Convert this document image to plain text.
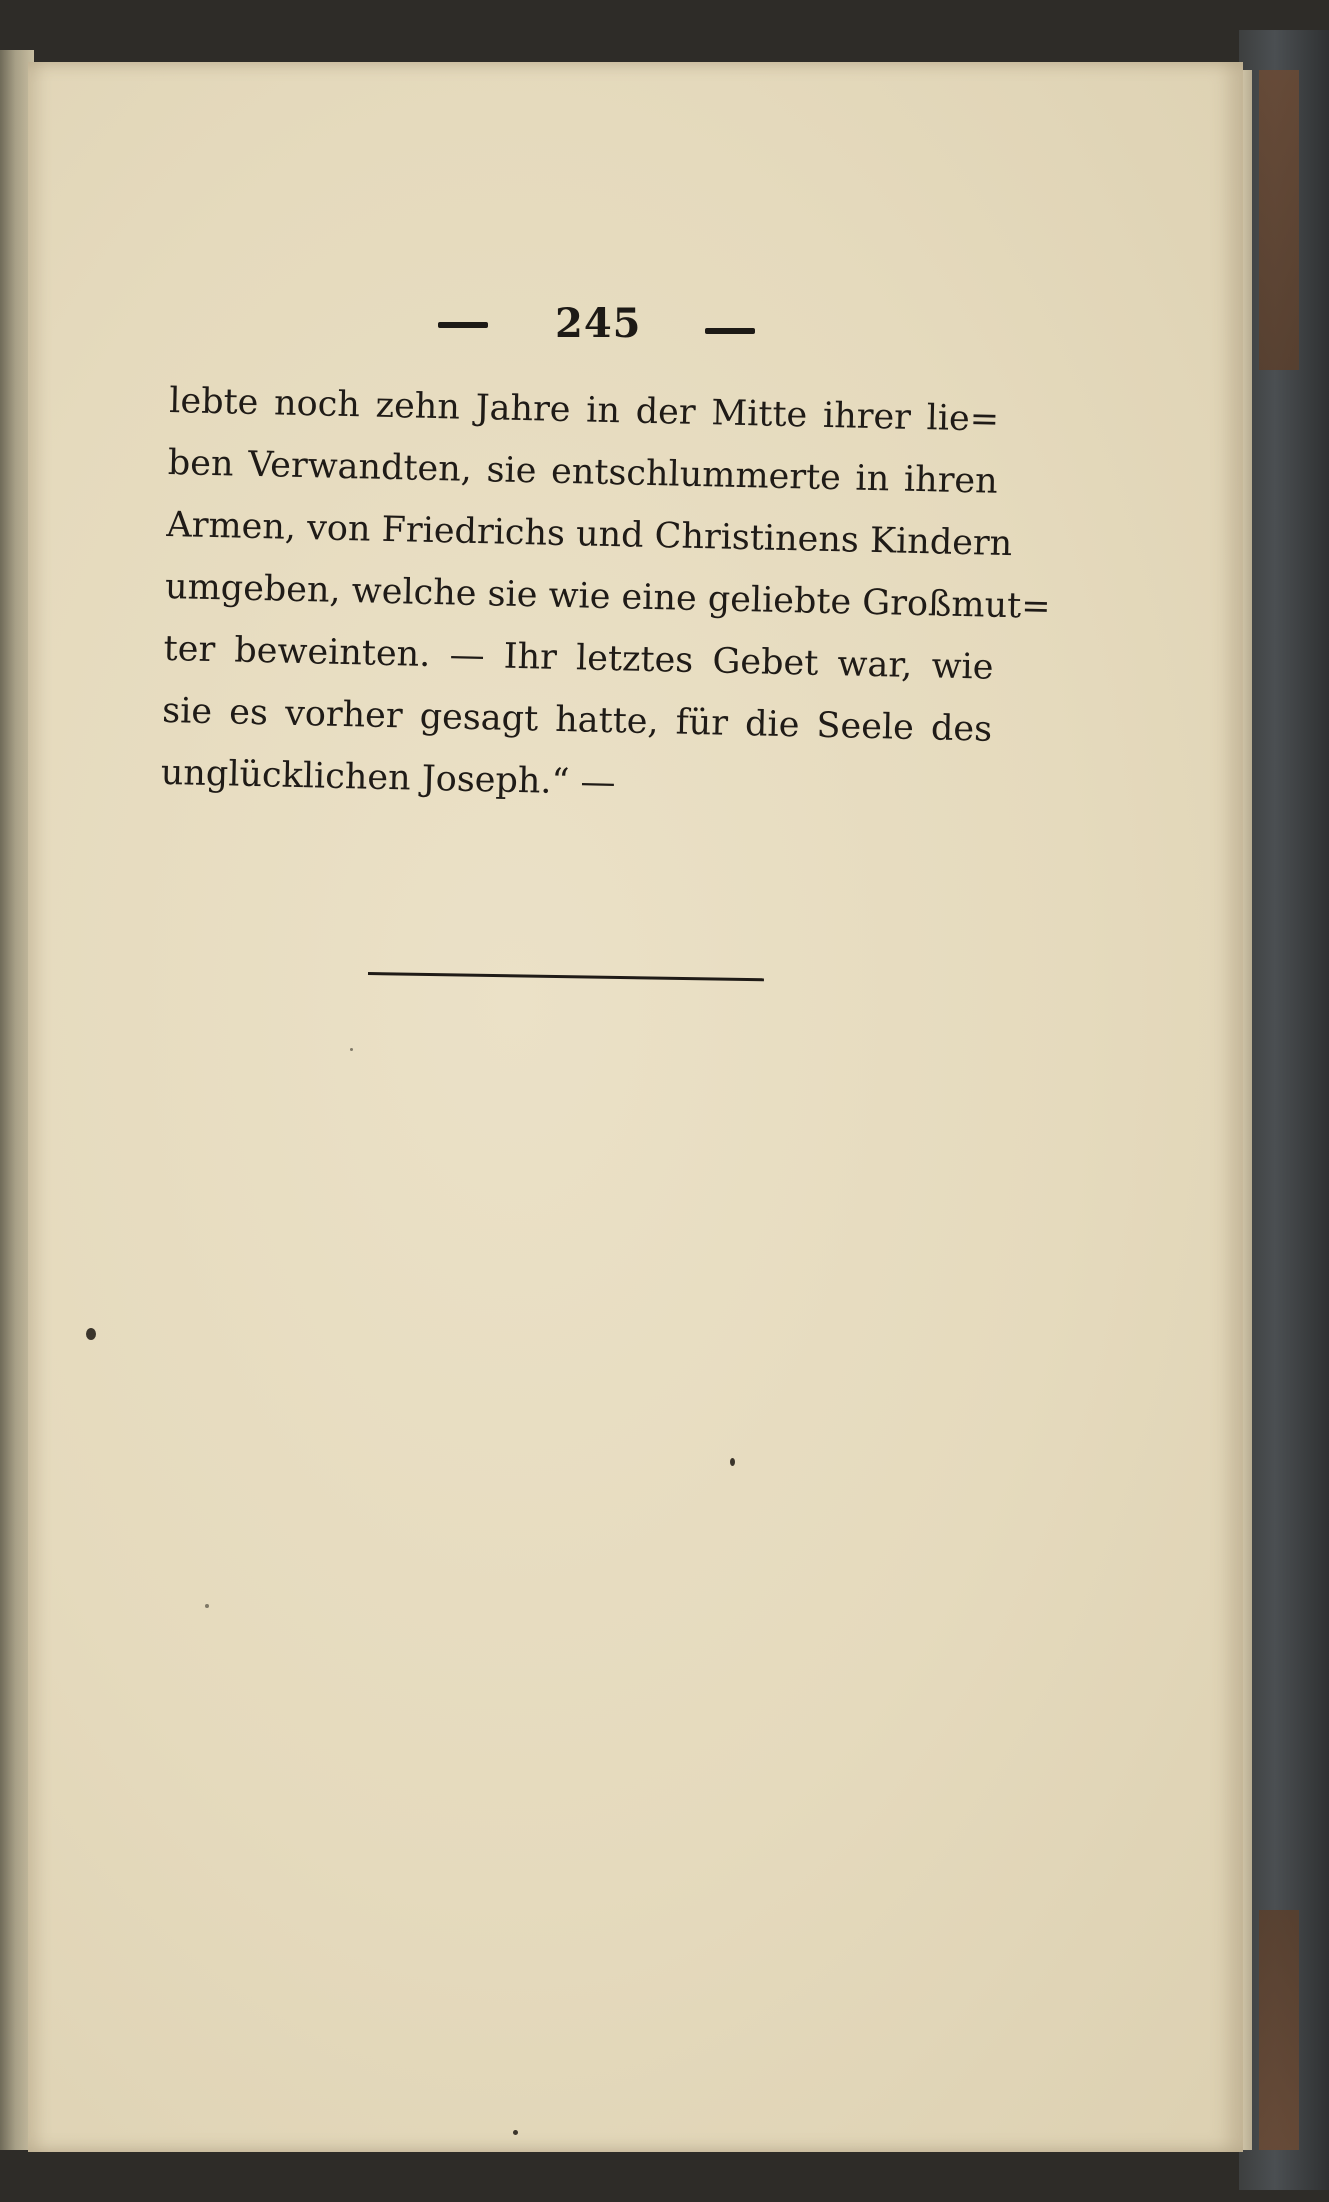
245
lebte noch zehn Jahre in der Mitte ihrer lie=
ben Verwandten, sie entschlummerte in ihren
Armen, von Friedrichs und Christinens Kindern
umgeben, welche sie wie eine geliebte Großmut=
ter beweinten. — Ihr letztes Gebet war, wie
sie es vorher gesagt hatte, für die Seele des
unglücklichen Joseph.“ —
